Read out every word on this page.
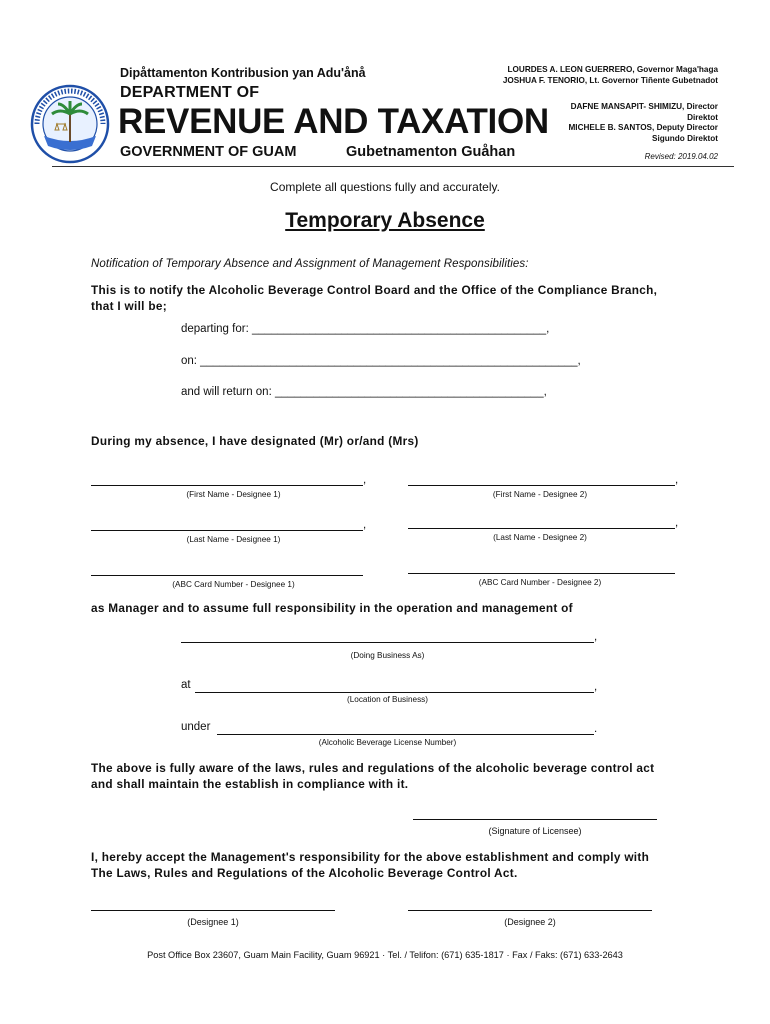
Dipåttamenton Kontribusion yan Adu'ånå
DEPARTMENT OF
REVENUE AND TAXATION
GOVERNMENT OF GUAM	Gubetnamenton Guåhan
LOURDES A. LEON GUERRERO, Governor Maga'haga
JOSHUA F. TENORIO, Lt. Governor Tiñente Gubetnadot
DAFNE MANSAPIT- SHIMIZU, Director
Direktot
MICHELE B. SANTOS, Deputy Director
Sigundo Direktot
Revised: 2019.04.02
Complete all questions fully and accurately.
Temporary Absence
Notification of Temporary Absence and Assignment of Management Responsibilities:
This is to notify the Alcoholic Beverage Control Board and the Office of the Compliance Branch,
that I will be;
departing for: ______________________________________________,
on: ___________________________________________________________,
and will return on: __________________________________________,
During my absence, I have designated (Mr) or/and (Mrs)
,
(First Name - Designee 1)
,
(First Name - Designee 2)
,
(Last Name - Designee 1)
,
(Last Name - Designee 2)
(ABC Card Number - Designee 1)	(ABC Card Number - Designee 2)
as Manager and to assume full responsibility in the operation and management of
,
(Doing Business As)
at	,
(Location of Business)
under	.
(Alcoholic Beverage License Number)
The above is fully aware of the laws, rules and regulations of the alcoholic beverage control act
and shall maintain the establish in compliance with it.
(Signature of Licensee)
I, hereby accept the Management's responsibility for the above establishment and comply with
The Laws, Rules and Regulations of the Alcoholic Beverage Control Act.
(Designee 1)	(Designee 2)
Post Office Box 23607, Guam Main Facility, Guam 96921 · Tel. / Telifon: (671) 635-1817 · Fax / Faks: (671) 633-2643
